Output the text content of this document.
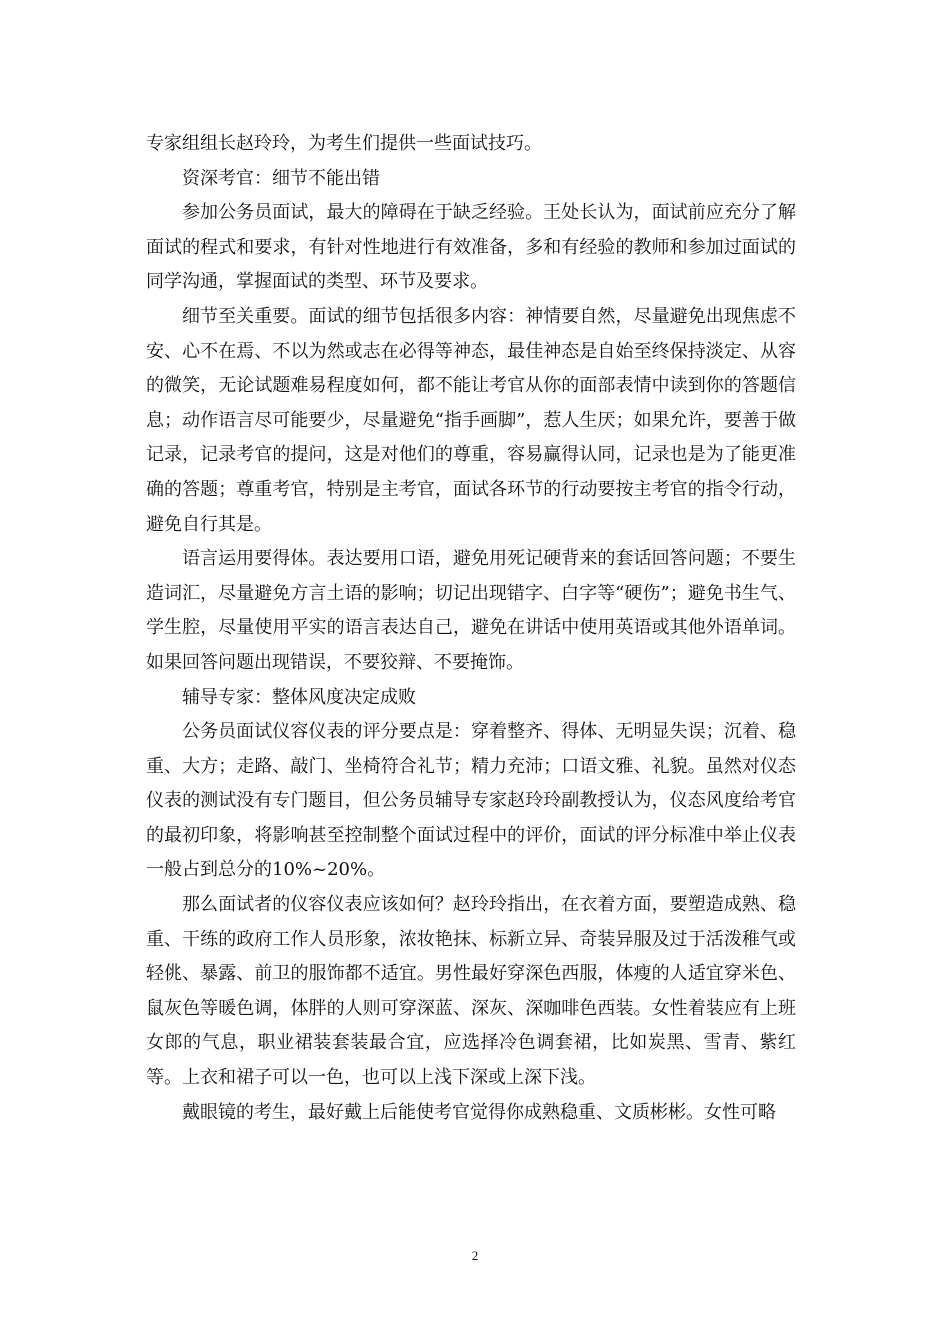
专家组组长赵玲玲，为考生们提供一些面试技巧。

资深考官：细节不能出错

参加公务员面试，最大的障碍在于缺乏经验。王处长认为，面试前应充分了解面试的程式和要求，有针对性地进行有效准备，多和有经验的教师和参加过面试的同学沟通，掌握面试的类型、环节及要求。

细节至关重要。面试的细节包括很多内容：神情要自然，尽量避免出现焦虑不安、心不在焉、不以为然或志在必得等神态，最佳神态是自始至终保持淡定、从容的微笑，无论试题难易程度如何，都不能让考官从你的面部表情中读到你的答题信息；动作语言尽可能要少，尽量避免“指手画脚”，惹人生厌；如果允许，要善于做记录，记录考官的提问，这是对他们的尊重，容易赢得认同，记录也是为了能更准确的答题；尊重考官，特别是主考官，面试各环节的行动要按主考官的指令行动，避免自行其是。

语言运用要得体。表达要用口语，避免用死记硬背来的套话回答问题；不要生造词汇，尽量避免方言土语的影响；切记出现错字、白字等“硬伤”；避免书生气、学生腔，尽量使用平实的语言表达自己，避免在讲话中使用英语或其他外语单词。如果回答问题出现错误，不要狡辩、不要掩饰。

辅导专家：整体风度决定成败

公务员面试仪容仪表的评分要点是：穿着整齐、得体、无明显失误；沉着、稳重、大方；走路、敲门、坐椅符合礼节；精力充沛；口语文雅、礼貌。虽然对仪态仪表的测试没有专门题目，但公务员辅导专家赵玲玲副教授认为，仪态风度给考官的最初印象，将影响甚至控制整个面试过程中的评价，面试的评分标准中举止仪表一般占到总分的10%~20%。

那么面试者的仪容仪表应该如何？赵玲玲指出，在衣着方面，要塑造成熟、稳重、干练的政府工作人员形象，浓妆艳抹、标新立异、奇装异服及过于活泼稚气或轻佻、暴露、前卫的服饰都不适宜。男性最好穿深色西服，体瘦的人适宜穿米色、鼠灰色等暖色调，体胖的人则可穿深蓝、深灰、深咖啡色西装。女性着装应有上班女郎的气息，职业裙装套装最合宜，应选择冷色调套裙，比如炭黑、雪青、紫红等。上衣和裙子可以一色，也可以上浅下深或上深下浅。

戴眼镜的考生，最好戴上后能使考官觉得你成熟稳重、文质彬彬。女性可略

2
